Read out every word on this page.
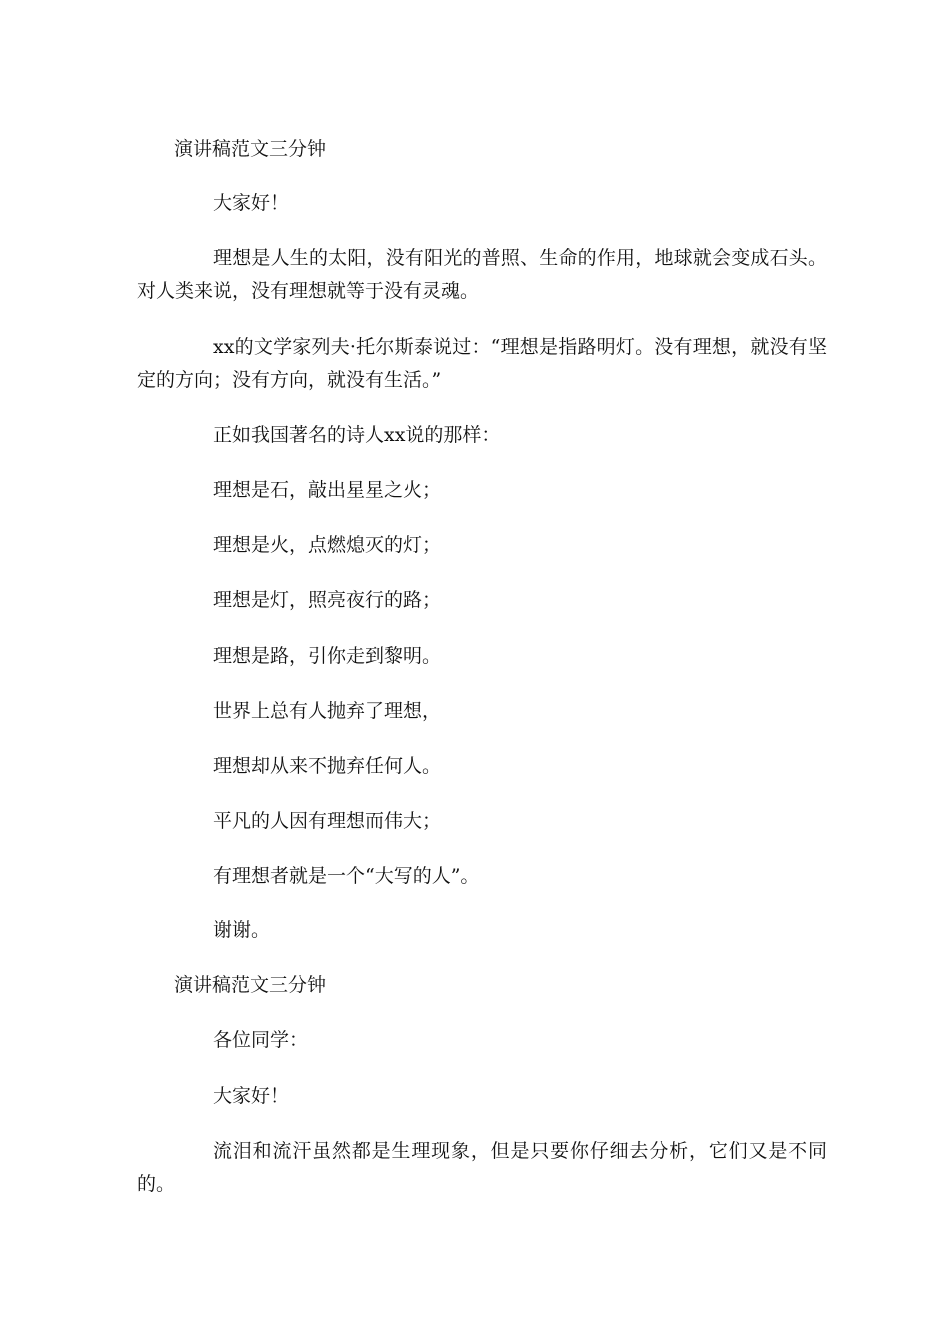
演讲稿范文三分钟

大家好！

理想是人生的太阳，没有阳光的普照、生命的作用，地球就会变成石头。对人类来说，没有理想就等于没有灵魂。

xx的文学家列夫·托尔斯泰说过：“理想是指路明灯。没有理想，就没有坚定的方向；没有方向，就没有生活。”

正如我国著名的诗人xx说的那样：

理想是石，敲出星星之火；

理想是火，点燃熄灭的灯；

理想是灯，照亮夜行的路；

理想是路，引你走到黎明。

世界上总有人抛弃了理想，

理想却从来不抛弃任何人。

平凡的人因有理想而伟大；

有理想者就是一个“大写的人”。

谢谢。

演讲稿范文三分钟

各位同学：

大家好！

流泪和流汗虽然都是生理现象，但是只要你仔细去分析，它们又是不同的。
